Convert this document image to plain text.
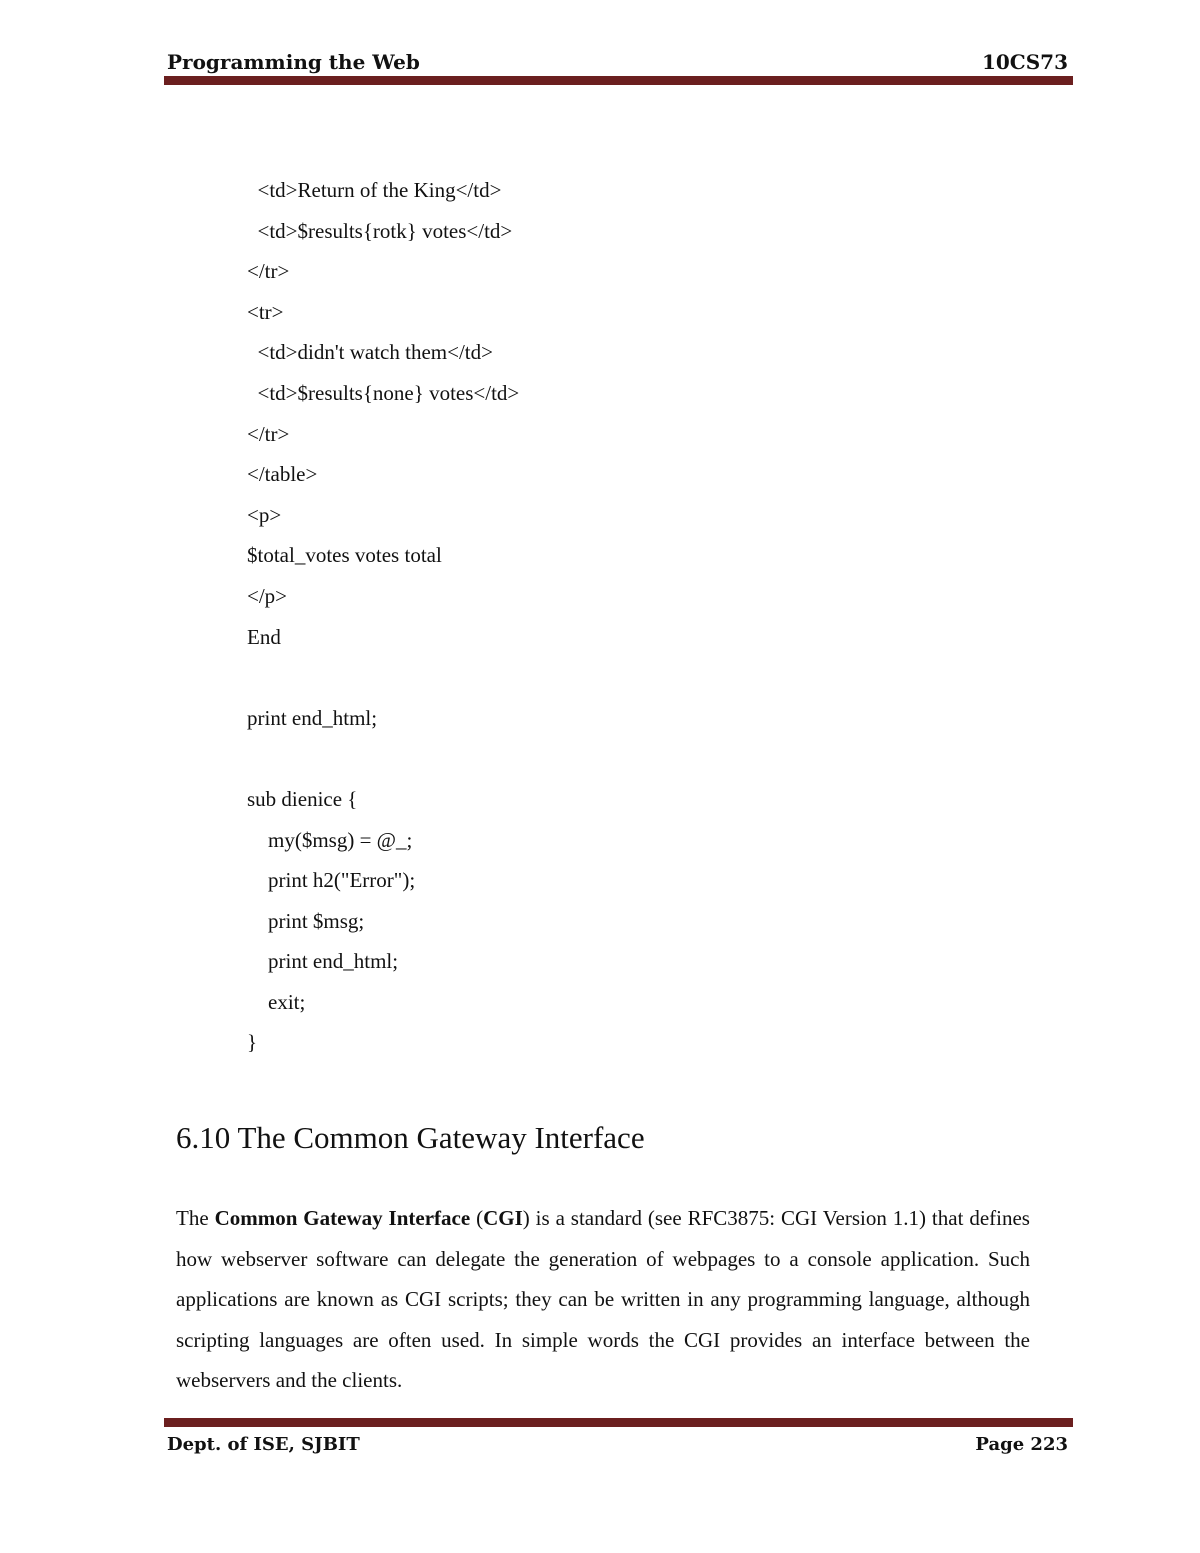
Programming the Web	10CS73
<td>Return of the King</td>
<td>$results{rotk} votes</td>
</tr>
<tr>
<td>didn't watch them</td>
<td>$results{none} votes</td>
</tr>
</table>
<p>
$total_votes votes total
</p>
End
print end_html;
sub dienice {
my($msg) = @_;
print h2("Error");
print $msg;
print end_html;
exit;
}
6.10 The Common Gateway Interface

The Common Gateway Interface (CGI) is a standard (see RFC3875: CGI Version 1.1) that defines how webserver software can delegate the generation of webpages to a console application. Such applications are known as CGI scripts; they can be written in any programming language, although scripting languages are often used. In simple words the CGI provides an interface between the webservers and the clients.

Dept. of ISE, SJBIT	Page 223
